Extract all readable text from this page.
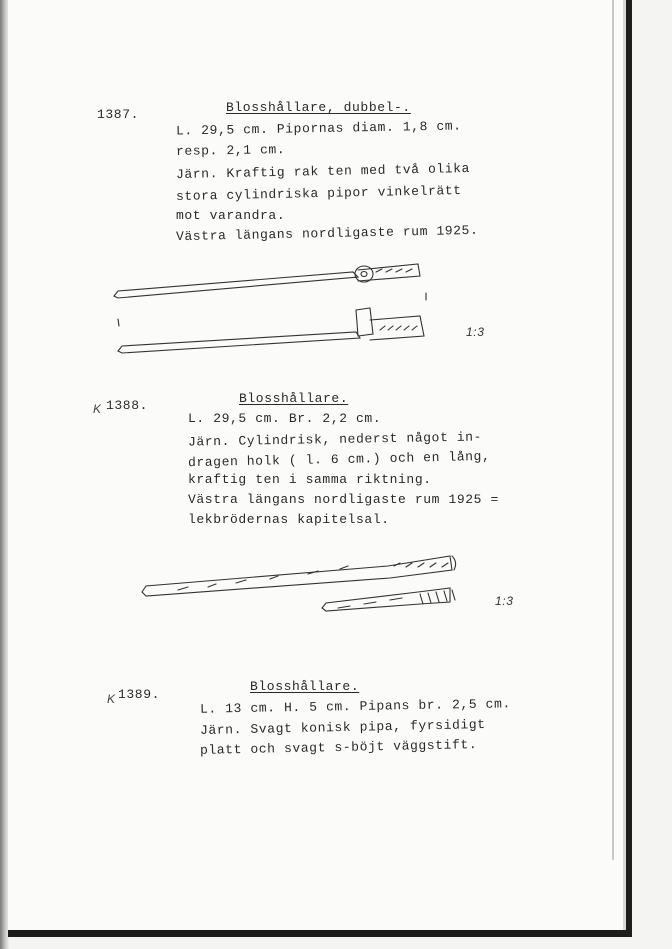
1387.	Blosshållare, dubbel-.
L. 29,5 cm. Pipornas diam. 1,8 cm.
resp. 2,1 cm.
Järn. Kraftig rak ten med två olika
stora cylindriska pipor vinkelrätt
mot varandra.
Västra längans nordligaste rum 1925.
1:3
K 1388.	Blosshållare.
L. 29,5 cm. Br. 2,2 cm.
Järn. Cylindrisk, nederst något in-
dragen holk ( l. 6 cm.) och en lång,
kraftig ten i samma riktning.
Västra längans nordligaste rum 1925 =
lekbrödernas kapitelsal.
1:3
K 1389.
Blosshållare.
L. 13 cm. H. 5 cm. Pipans br. 2,5 cm.
Järn. Svagt konisk pipa, fyrsidigt
platt och svagt s-böjt väggstift.
